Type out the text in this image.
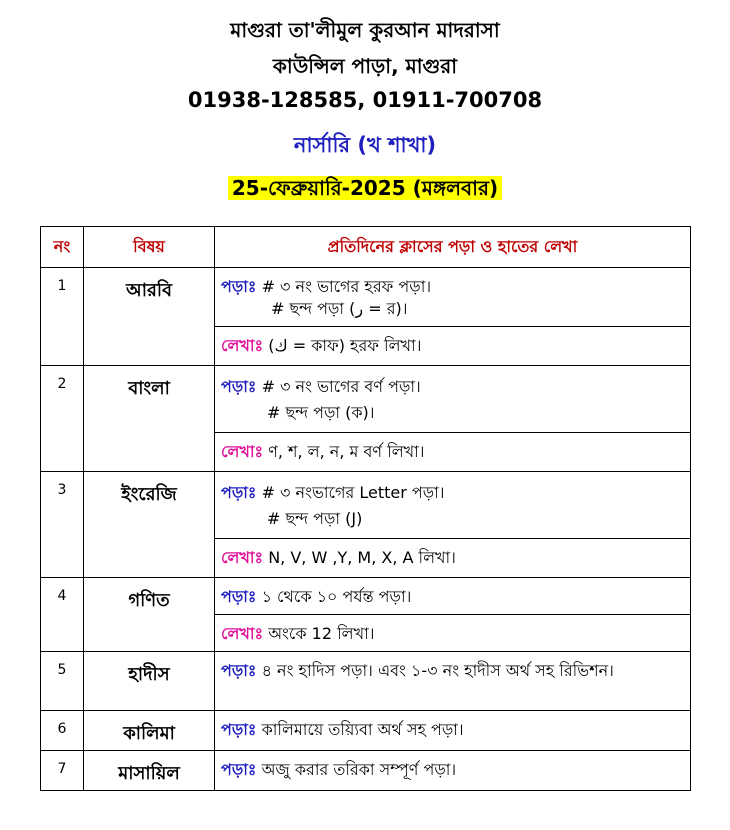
মাগুরা তা'লীমুল কুরআন মাদরাসা
কাউন্সিল পাড়া, মাগুরা
01938-128585, 01911-700708
নার্সারি (খ শাখা)
25-ফেব্রুয়ারি-2025 (মঙ্গলবার)
নং	বিষয়	প্রতিদিনের ক্লাসের পড়া ও হাতের লেখা
1	আরবি	পড়াঃ # ৩ নং ভাগের হরফ পড়া।
# ছন্দ পড়া (ر = র)।

		লেখাঃ (ك = কাফ) হরফ লিখা।
2	বাংলা	পড়াঃ # ৩ নং ভাগের বর্ণ পড়া।
# ছন্দ পড়া (ক)।

		লেখাঃ ণ, শ, ল, ন, ম বর্ণ লিখা।
3	ইংরেজি	পড়াঃ # ৩ নংভাগের Letter পড়া।
# ছন্দ পড়া (J)

		লেখাঃ N, V, W ,Y, M, X, A লিখা।
4	গণিত	পড়াঃ ১ থেকে ১০ পর্যন্ত পড়া।
		লেখাঃ অংকে 12 লিখা।
5	হাদীস	পড়াঃ ৪ নং হাদিস পড়া। এবং ১-৩ নং হাদীস অর্থ সহ রিভিশন।
6	কালিমা	পড়াঃ কালিমায়ে তয়্যিবা অর্থ সহ পড়া।
7	মাসায়িল	পড়াঃ অজু করার তরিকা সম্পূর্ণ পড়া।
